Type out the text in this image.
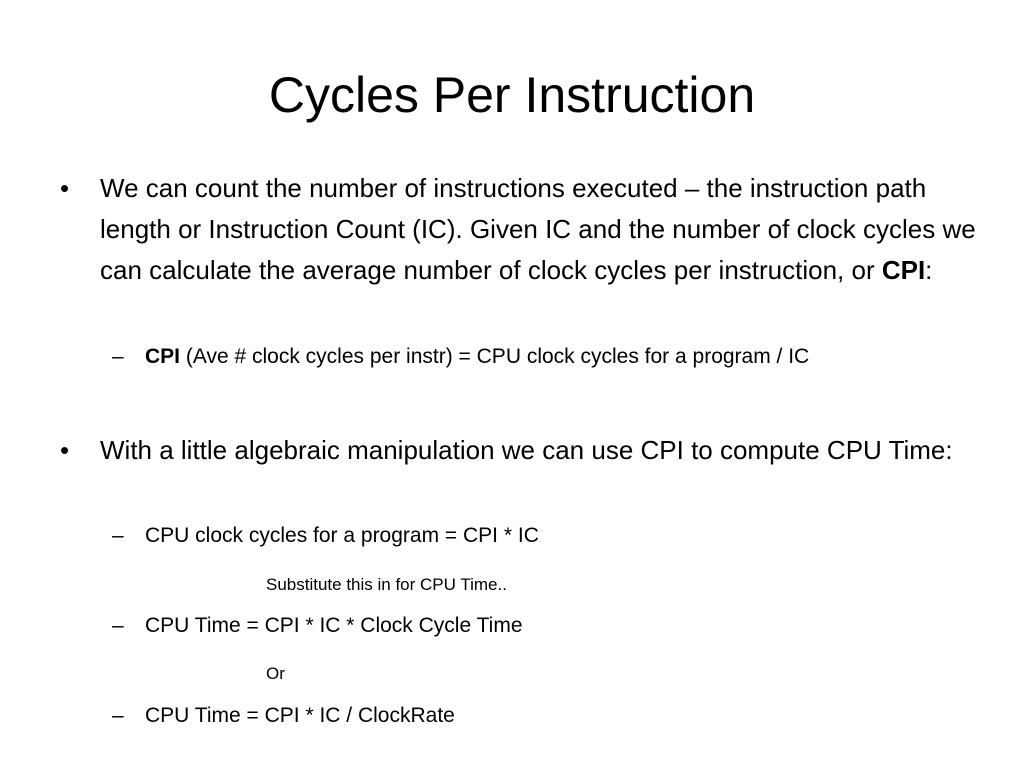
Cycles Per Instruction

• We can count the number of instructions executed – the instruction path length or Instruction Count (IC). Given IC and the number of clock cycles we can calculate the average number of clock cycles per instruction, or CPI:

– CPI (Ave # clock cycles per instr) = CPU clock cycles for a program / IC

• With a little algebraic manipulation we can use CPI to compute CPU Time:

– CPU clock cycles for a program = CPI * IC

Substitute this in for CPU Time..

– CPU Time = CPI * IC * Clock Cycle Time

Or

– CPU Time = CPI * IC / ClockRate
